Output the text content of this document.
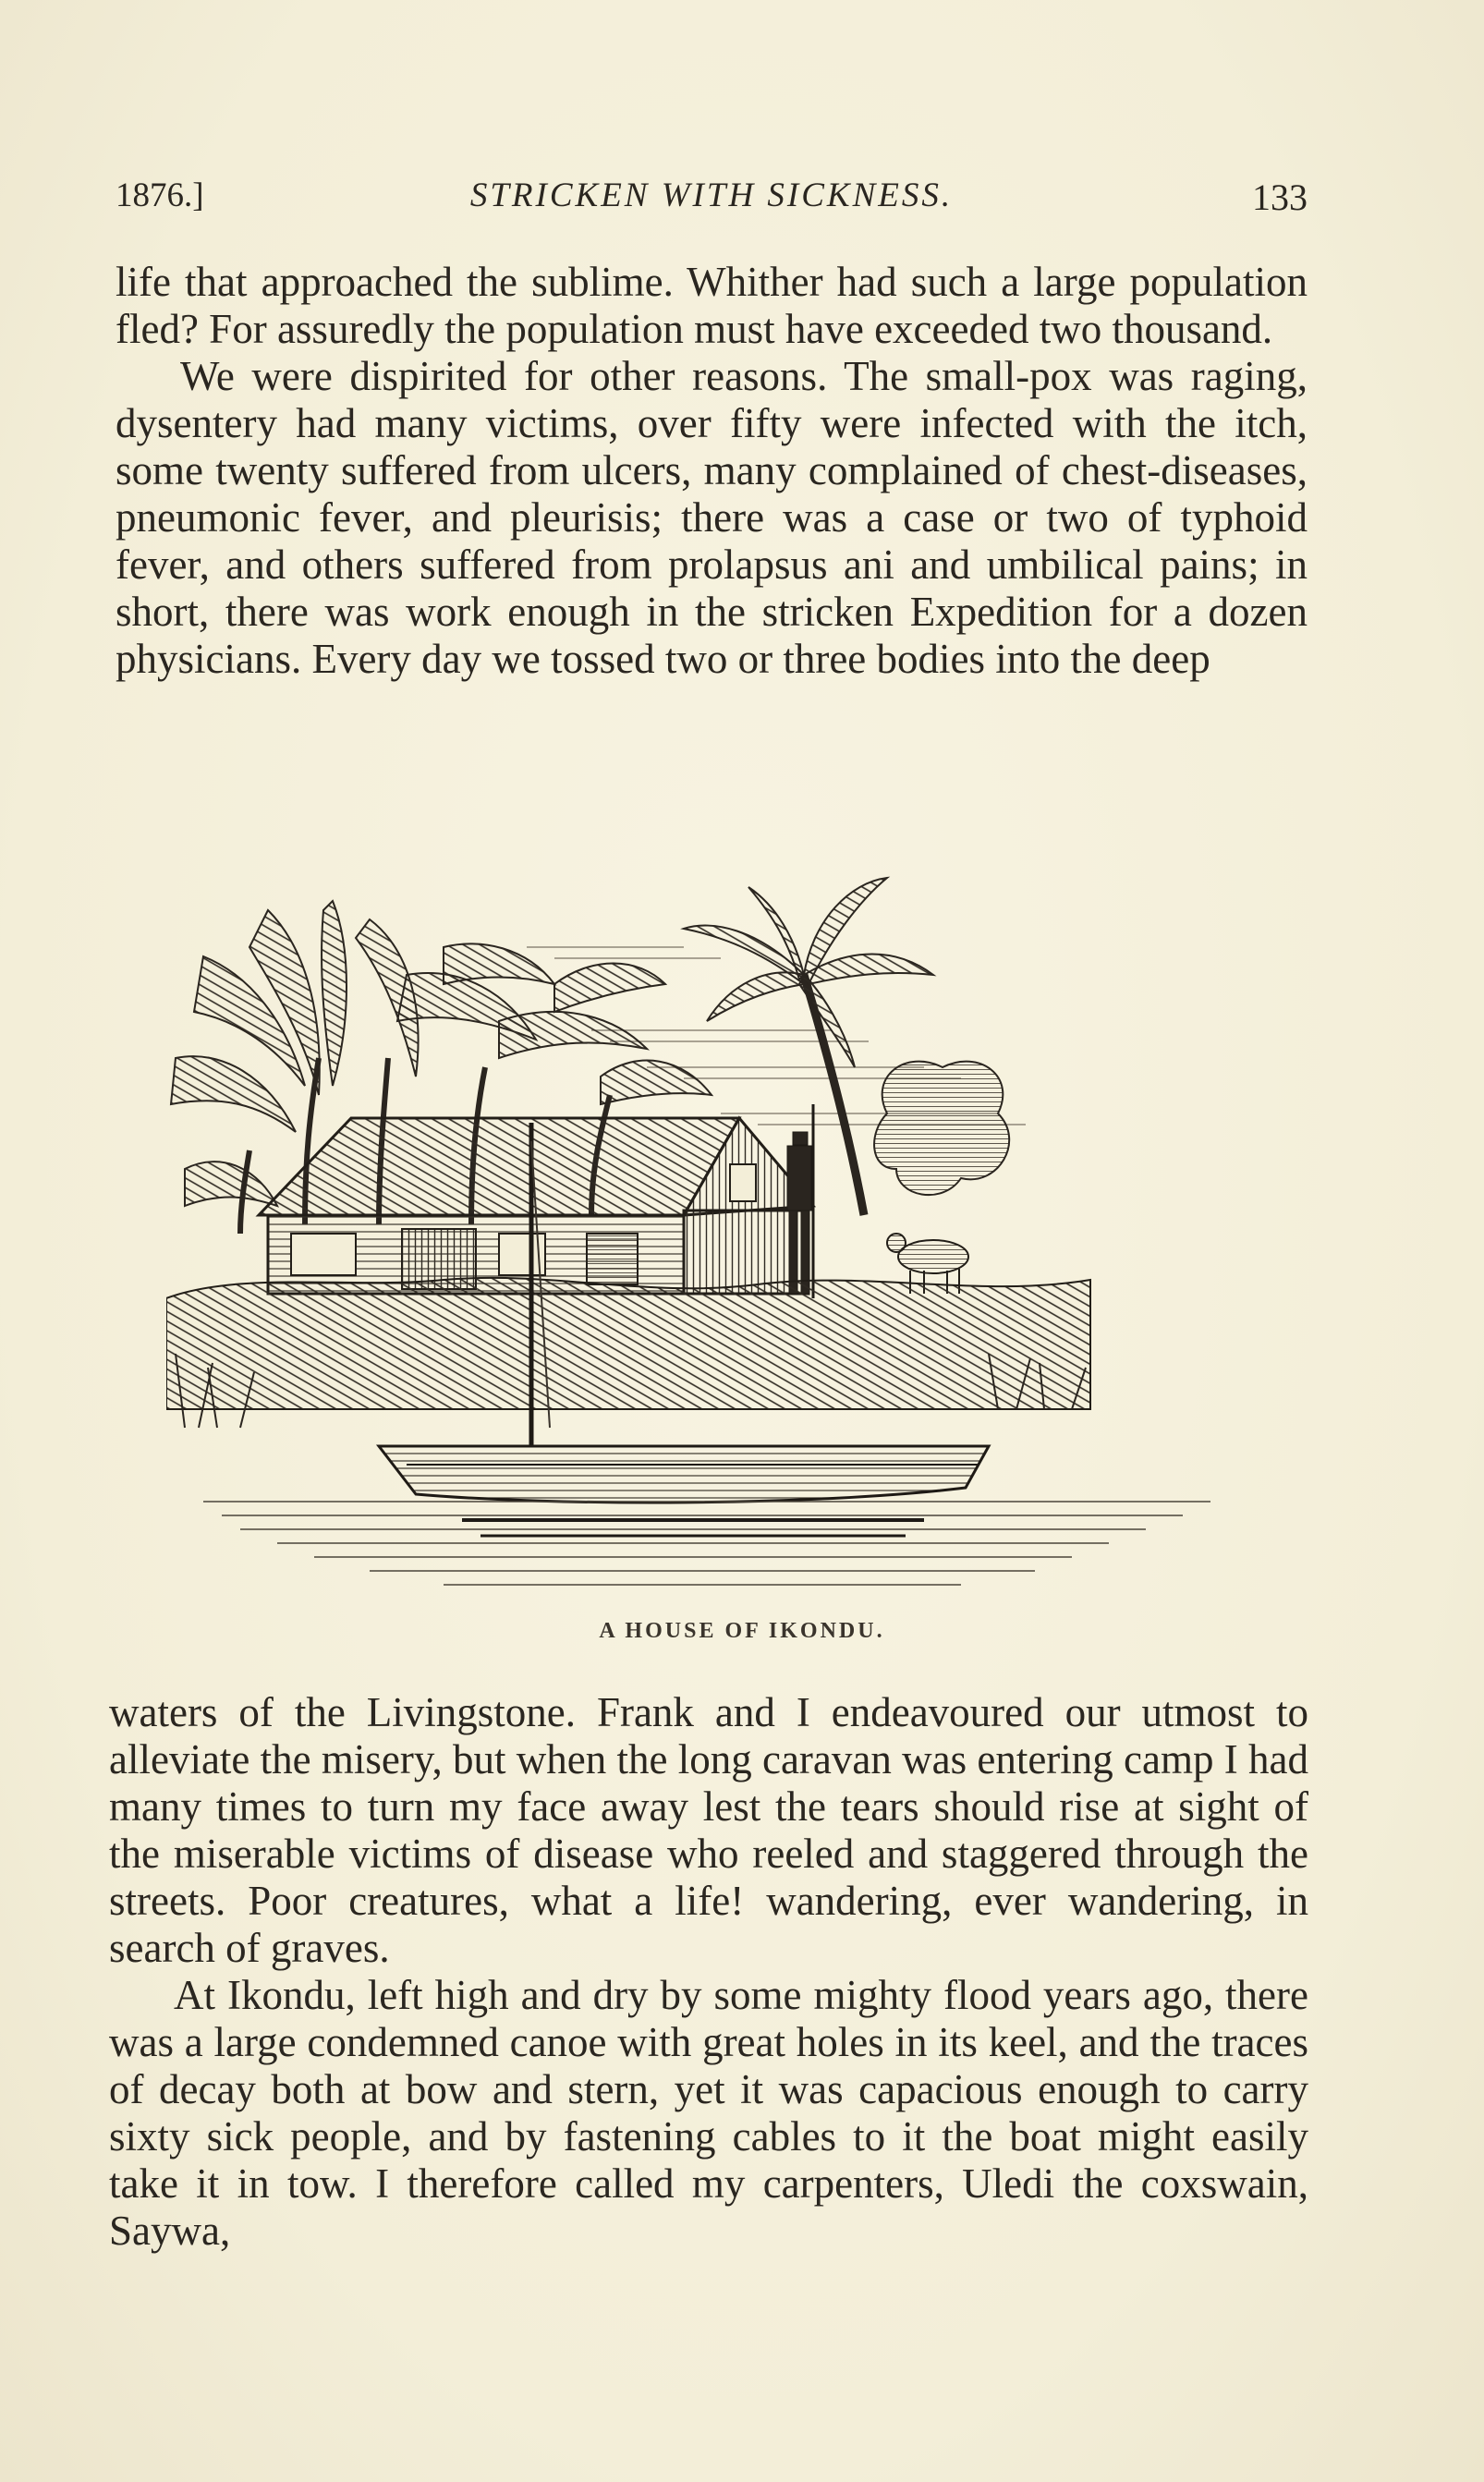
1876.]	STRICKEN WITH SICKNESS.	133

life that approached the sublime. Whither had such a large population fled? For assuredly the population must have exceeded two thousand.

We were dispirited for other reasons. The small-pox was raging, dysentery had many victims, over fifty were infected with the itch, some twenty suffered from ulcers, many complained of chest-diseases, pneumonic fever, and pleurisis; there was a case or two of typhoid fever, and others suffered from prolapsus ani and umbilical pains; in short, there was work enough in the stricken Expedition for a dozen physicians. Every day we tossed two or three bodies into the deep

A HOUSE OF IKONDU.

waters of the Livingstone. Frank and I endeavoured our utmost to alleviate the misery, but when the long caravan was entering camp I had many times to turn my face away lest the tears should rise at sight of the miserable victims of disease who reeled and staggered through the streets. Poor creatures, what a life! wandering, ever wandering, in search of graves.

At Ikondu, left high and dry by some mighty flood years ago, there was a large condemned canoe with great holes in its keel, and the traces of decay both at bow and stern, yet it was capacious enough to carry sixty sick people, and by fastening cables to it the boat might easily take it in tow. I therefore called my carpenters, Uledi the coxswain, Saywa,
